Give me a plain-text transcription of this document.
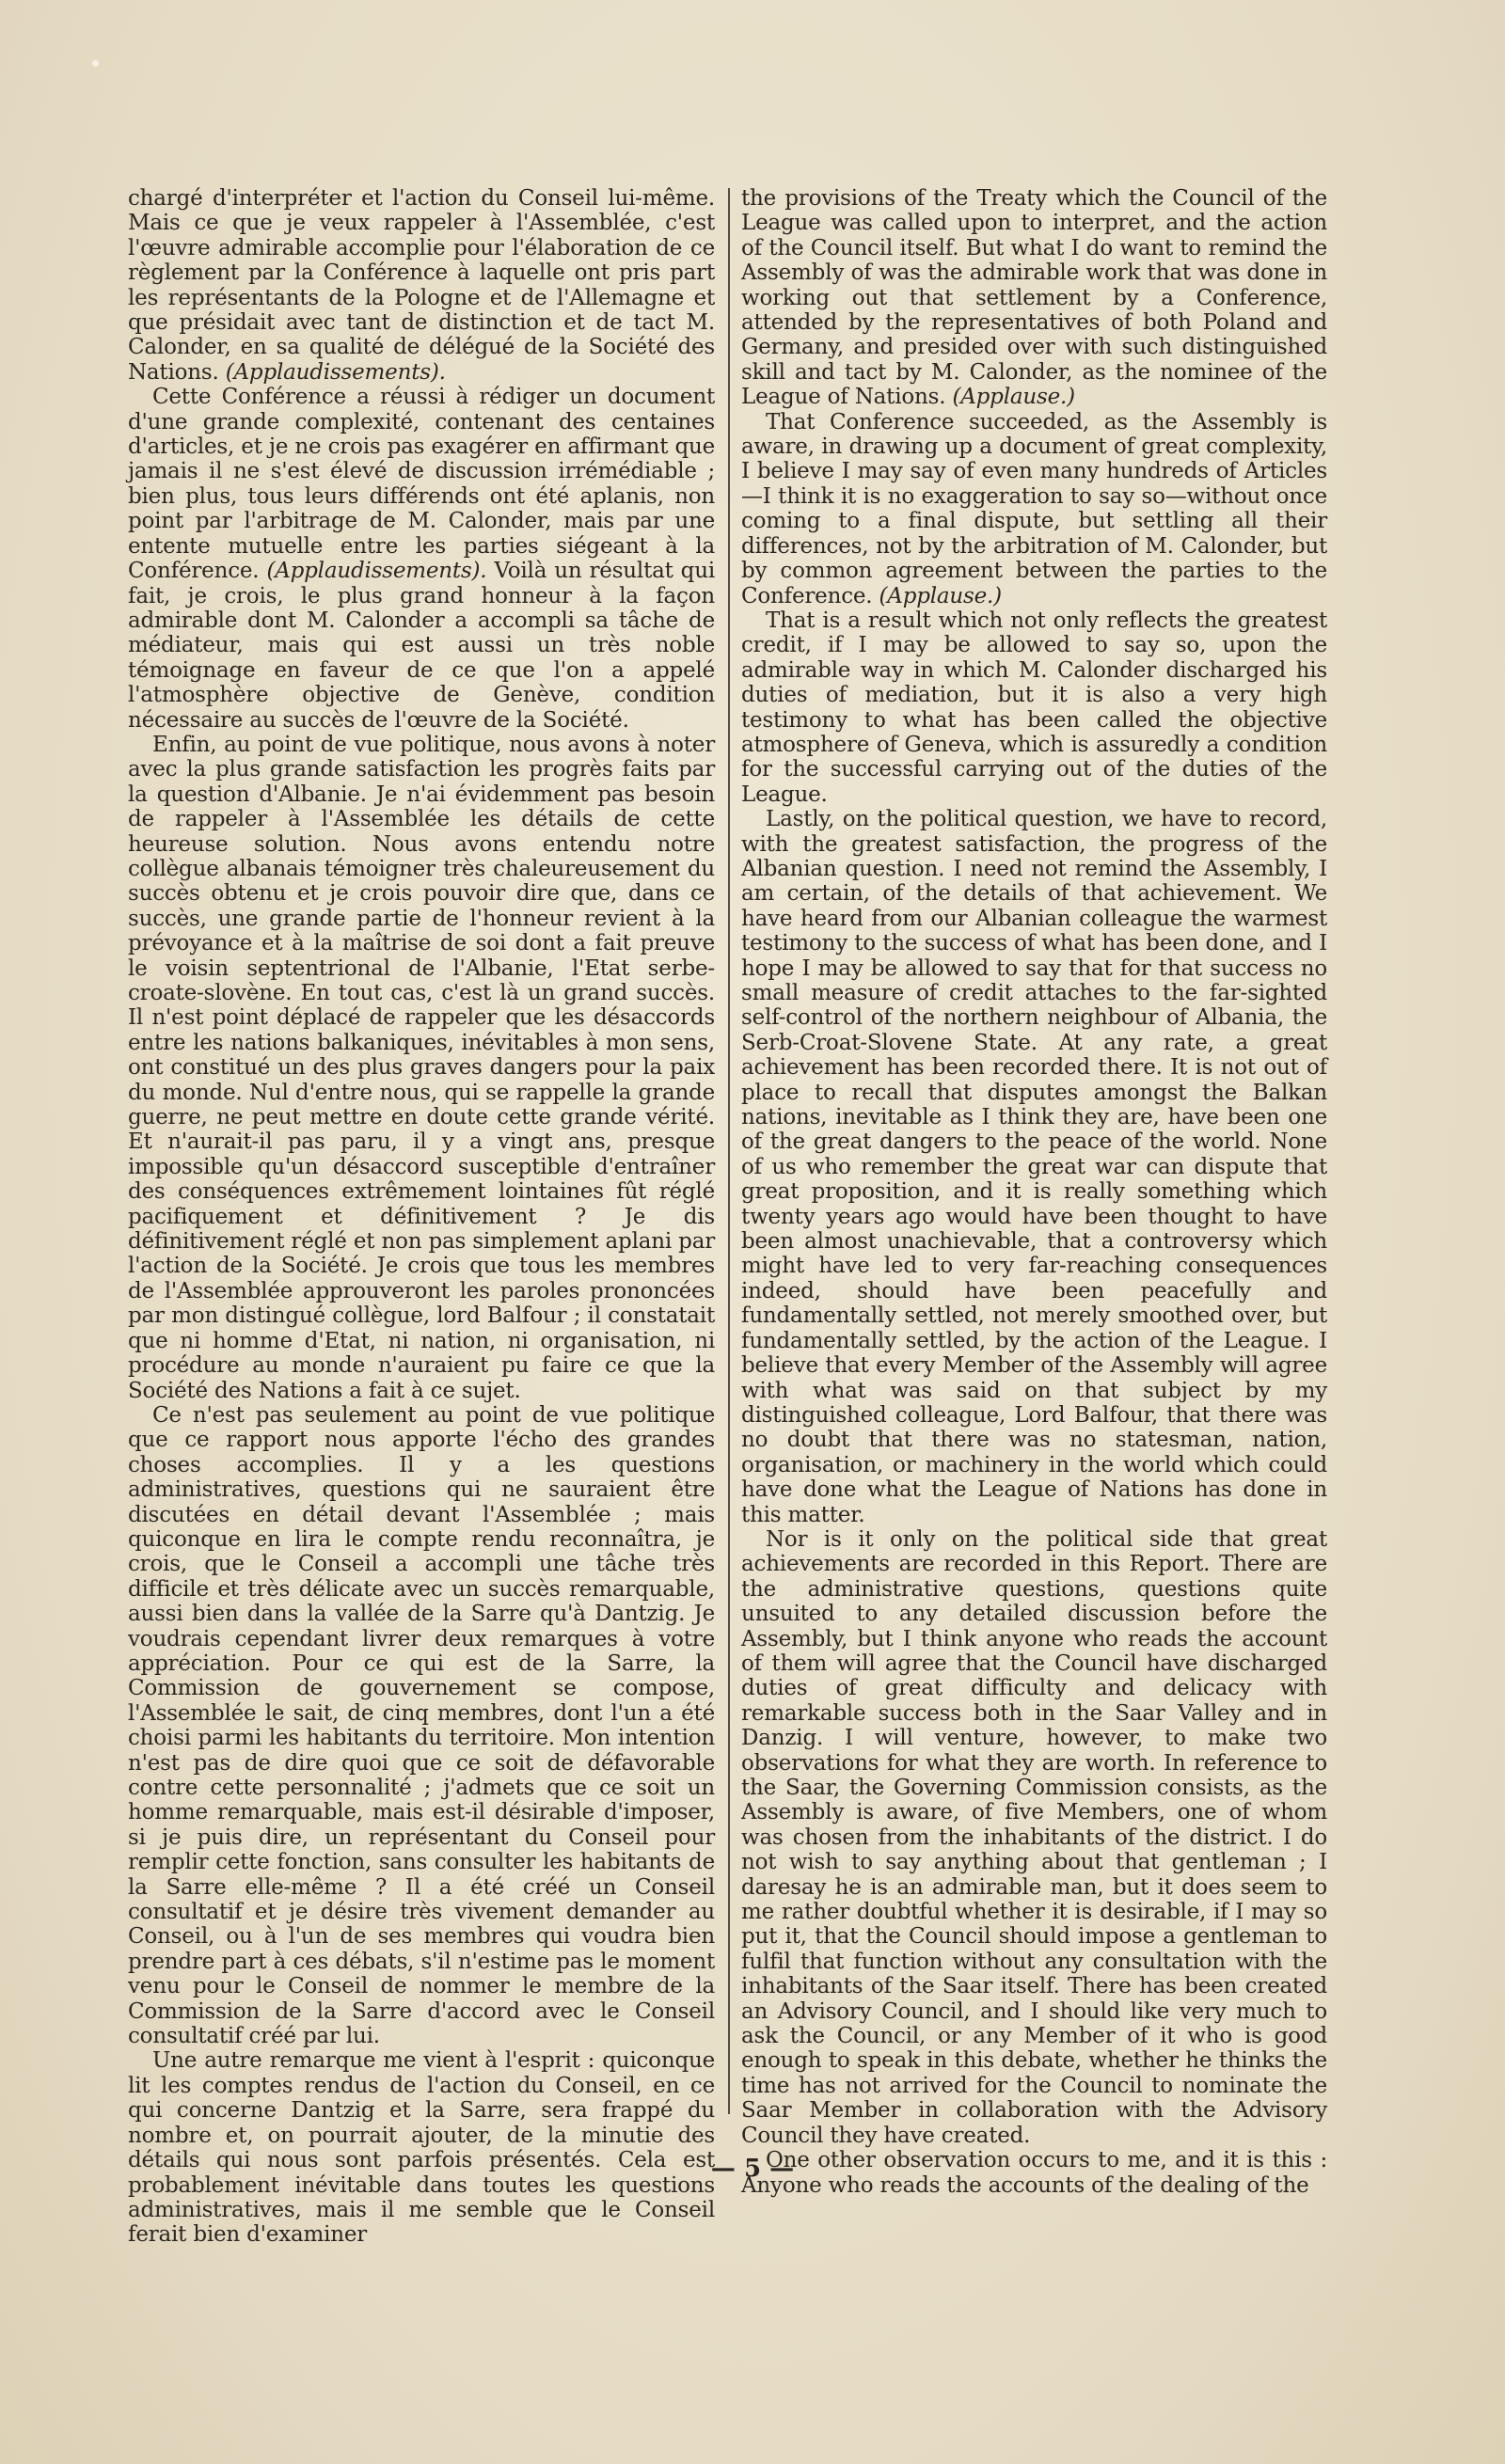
chargé d'interpréter et l'action du Conseil lui-même. Mais ce que je veux rappeler à l'Assemblée, c'est l'œuvre admirable accomplie pour l'élaboration de ce règlement par la Conférence à laquelle ont pris part les représentants de la Pologne et de l'Allemagne et que présidait avec tant de distinction et de tact M. Calonder, en sa qualité de délégué de la Société des Nations. (Applaudissements).

Cette Conférence a réussi à rédiger un document d'une grande complexité, contenant des centaines d'articles, et je ne crois pas exagérer en affirmant que jamais il ne s'est élevé de discussion irrémédiable ; bien plus, tous leurs différends ont été aplanis, non point par l'arbitrage de M. Calonder, mais par une entente mutuelle entre les parties siégeant à la Conférence. (Applaudissements). Voilà un résultat qui fait, je crois, le plus grand honneur à la façon admirable dont M. Calonder a accompli sa tâche de médiateur, mais qui est aussi un très noble témoignage en faveur de ce que l'on a appelé l'atmosphère objective de Genève, condition nécessaire au succès de l'œuvre de la Société.

Enfin, au point de vue politique, nous avons à noter avec la plus grande satisfaction les progrès faits par la question d'Albanie. Je n'ai évidemment pas besoin de rappeler à l'Assemblée les détails de cette heureuse solution. Nous avons entendu notre collègue albanais témoigner très chaleureusement du succès obtenu et je crois pouvoir dire que, dans ce succès, une grande partie de l'honneur revient à la prévoyance et à la maîtrise de soi dont a fait preuve le voisin septentrional de l'Albanie, l'Etat serbe-croate-slovène. En tout cas, c'est là un grand succès. Il n'est point déplacé de rappeler que les désaccords entre les nations balkaniques, inévitables à mon sens, ont constitué un des plus graves dangers pour la paix du monde. Nul d'entre nous, qui se rappelle la grande guerre, ne peut mettre en doute cette grande vérité. Et n'aurait-il pas paru, il y a vingt ans, presque impossible qu'un désaccord susceptible d'entraîner des conséquences extrêmement lointaines fût réglé pacifiquement et définitivement ? Je dis définitivement réglé et non pas simplement aplani par l'action de la Société. Je crois que tous les membres de l'Assemblée approuveront les paroles prononcées par mon distingué collègue, lord Balfour ; il constatait que ni homme d'Etat, ni nation, ni organisation, ni procédure au monde n'auraient pu faire ce que la Société des Nations a fait à ce sujet.

Ce n'est pas seulement au point de vue politique que ce rapport nous apporte l'écho des grandes choses accomplies. Il y a les questions administratives, questions qui ne sauraient être discutées en détail devant l'Assemblée ; mais quiconque en lira le compte rendu reconnaîtra, je crois, que le Conseil a accompli une tâche très difficile et très délicate avec un succès remarquable, aussi bien dans la vallée de la Sarre qu'à Dantzig. Je voudrais cependant livrer deux remarques à votre appréciation. Pour ce qui est de la Sarre, la Commission de gouvernement se compose, l'Assemblée le sait, de cinq membres, dont l'un a été choisi parmi les habitants du territoire. Mon intention n'est pas de dire quoi que ce soit de défavorable contre cette personnalité ; j'admets que ce soit un homme remarquable, mais est-il désirable d'imposer, si je puis dire, un représentant du Conseil pour remplir cette fonction, sans consulter les habitants de la Sarre elle-même ? Il a été créé un Conseil consultatif et je désire très vivement demander au Conseil, ou à l'un de ses membres qui voudra bien prendre part à ces débats, s'il n'estime pas le moment venu pour le Conseil de nommer le membre de la Commission de la Sarre d'accord avec le Conseil consultatif créé par lui.

Une autre remarque me vient à l'esprit : quiconque lit les comptes rendus de l'action du Conseil, en ce qui concerne Dantzig et la Sarre, sera frappé du nombre et, on pourrait ajouter, de la minutie des détails qui nous sont parfois présentés. Cela est probablement inévitable dans toutes les questions administratives, mais il me semble que le Conseil ferait bien d'examiner

the provisions of the Treaty which the Council of the League was called upon to interpret, and the action of the Council itself. But what I do want to remind the Assembly of was the admirable work that was done in working out that settlement by a Conference, attended by the representatives of both Poland and Germany, and presided over with such distinguished skill and tact by M. Calonder, as the nominee of the League of Nations. (Applause.)

That Conference succeeded, as the Assembly is aware, in drawing up a document of great complexity, I believe I may say of even many hundreds of Articles—I think it is no exaggeration to say so—without once coming to a final dispute, but settling all their differences, not by the arbitration of M. Calonder, but by common agreement between the parties to the Conference. (Applause.)

That is a result which not only reflects the greatest credit, if I may be allowed to say so, upon the admirable way in which M. Calonder discharged his duties of mediation, but it is also a very high testimony to what has been called the objective atmosphere of Geneva, which is assuredly a condition for the successful carrying out of the duties of the League.

Lastly, on the political question, we have to record, with the greatest satisfaction, the progress of the Albanian question. I need not remind the Assembly, I am certain, of the details of that achievement. We have heard from our Albanian colleague the warmest testimony to the success of what has been done, and I hope I may be allowed to say that for that success no small measure of credit attaches to the far-sighted self-control of the northern neighbour of Albania, the Serb-Croat-Slovene State. At any rate, a great achievement has been recorded there. It is not out of place to recall that disputes amongst the Balkan nations, inevitable as I think they are, have been one of the great dangers to the peace of the world. None of us who remember the great war can dispute that great proposition, and it is really something which twenty years ago would have been thought to have been almost unachievable, that a controversy which might have led to very far-reaching consequences indeed, should have been peacefully and fundamentally settled, not merely smoothed over, but fundamentally settled, by the action of the League. I believe that every Member of the Assembly will agree with what was said on that subject by my distinguished colleague, Lord Balfour, that there was no doubt that there was no statesman, nation, organisation, or machinery in the world which could have done what the League of Nations has done in this matter.

Nor is it only on the political side that great achievements are recorded in this Report. There are the administrative questions, questions quite unsuited to any detailed discussion before the Assembly, but I think anyone who reads the account of them will agree that the Council have discharged duties of great difficulty and delicacy with remarkable success both in the Saar Valley and in Danzig. I will venture, however, to make two observations for what they are worth. In reference to the Saar, the Governing Commission consists, as the Assembly is aware, of five Members, one of whom was chosen from the inhabitants of the district. I do not wish to say anything about that gentleman ; I daresay he is an admirable man, but it does seem to me rather doubtful whether it is desirable, if I may so put it, that the Council should impose a gentleman to fulfil that function without any consultation with the inhabitants of the Saar itself. There has been created an Advisory Council, and I should like very much to ask the Council, or any Member of it who is good enough to speak in this debate, whether he thinks the time has not arrived for the Council to nominate the Saar Member in collaboration with the Advisory Council they have created.

One other observation occurs to me, and it is this : Anyone who reads the accounts of the dealing of the

— 5 —
